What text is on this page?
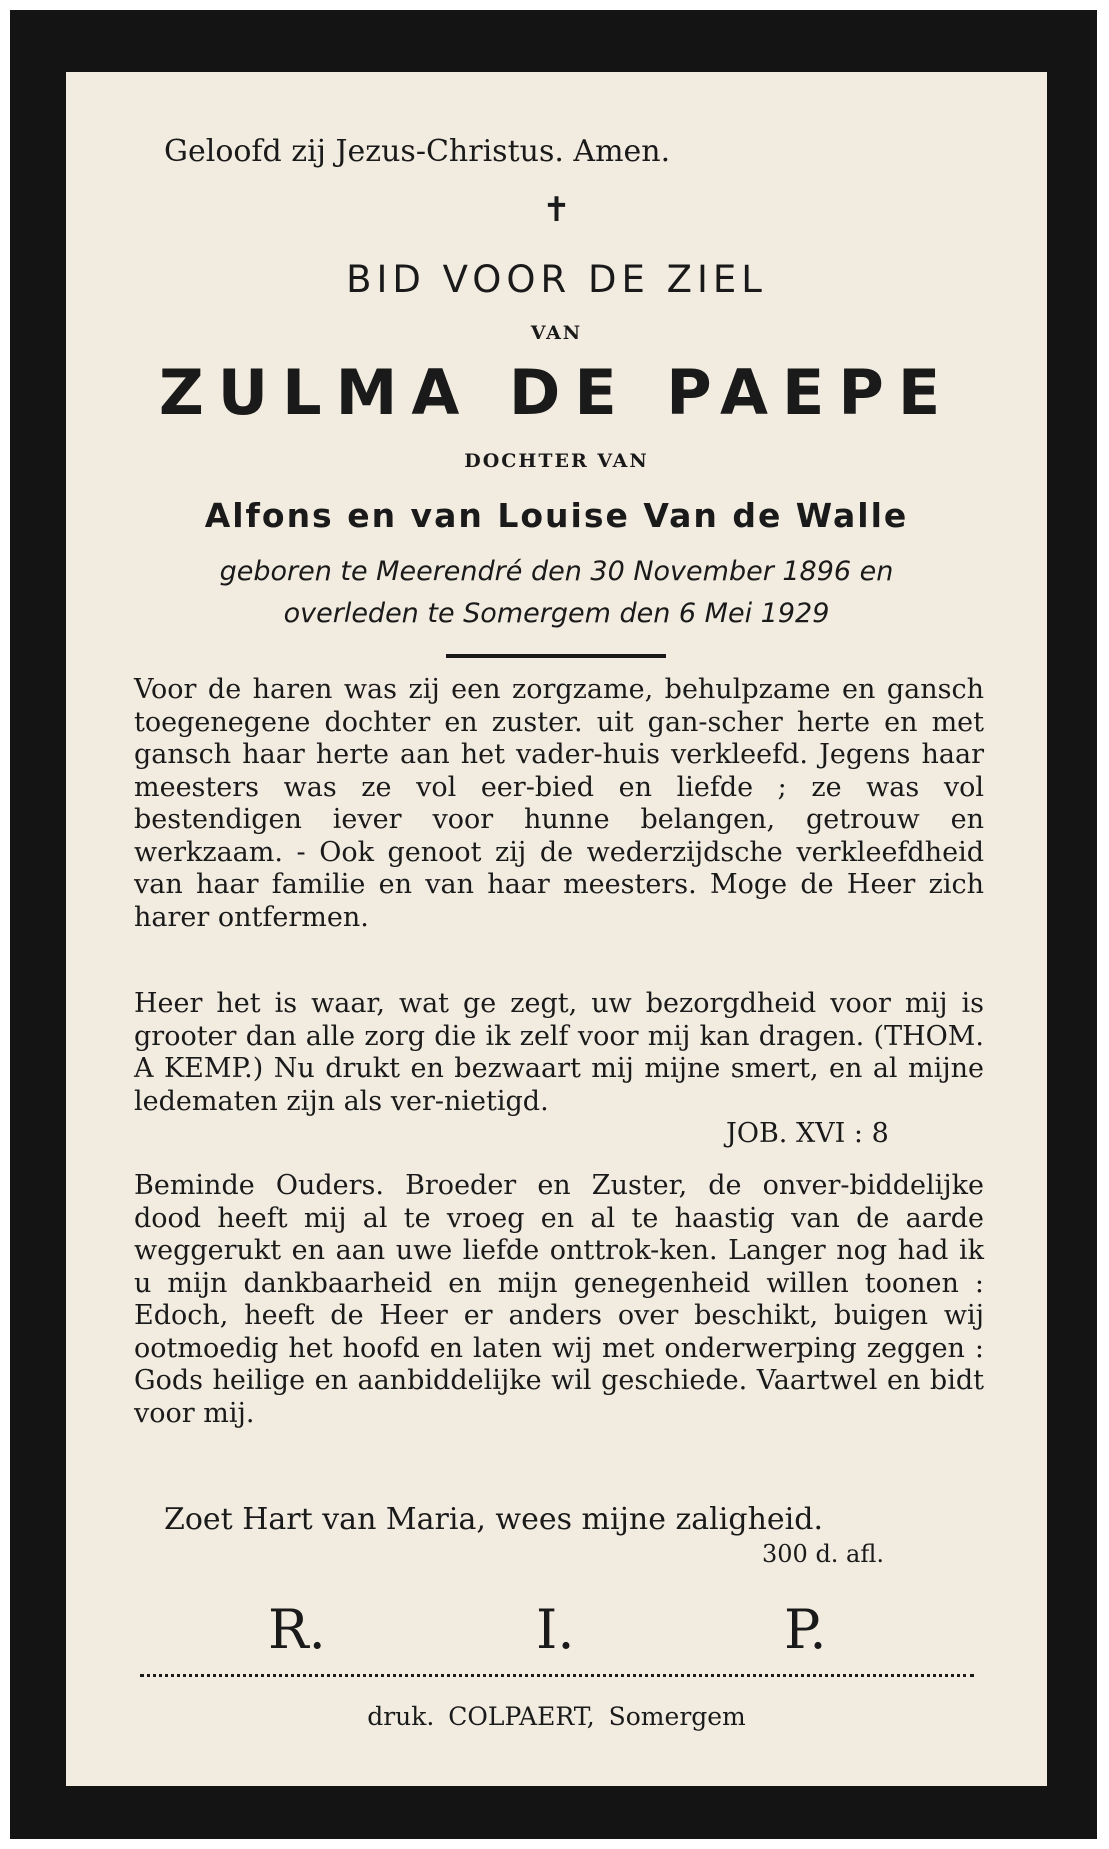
Geloofd zij Jezus-Christus. Amen.
✝
BID VOOR DE ZIEL
VAN
ZULMA DE PAEPE
DOCHTER VAN
Alfons en van Louise Van de Walle
geboren te Meerendré den 30 November 1896 en
overleden te Somergem den 6 Mei 1929
Voor de haren was zij een zorgzame, behulpzame en gansch toegenegene dochter en zuster. uit gan-scher herte en met gansch haar herte aan het vader-huis verkleefd. Jegens haar meesters was ze vol eer-bied en liefde ; ze was vol bestendigen iever voor hunne belangen, getrouw en werkzaam. - Ook genoot zij de wederzijdsche verkleefdheid van haar familie en van haar meesters. Moge de Heer zich harer ontfermen.
Heer het is waar, wat ge zegt, uw bezorgdheid voor mij is grooter dan alle zorg die ik zelf voor mij kan dragen. (THOM. A KEMP.) Nu drukt en bezwaart mij mijne smert, en al mijne ledematen zijn als ver-nietigd.
JOB. XVI : 8
Beminde Ouders. Broeder en Zuster, de onver-biddelijke dood heeft mij al te vroeg en al te haastig van de aarde weggerukt en aan uwe liefde onttrok-ken. Langer nog had ik u mijn dankbaarheid en mijn genegenheid willen toonen : Edoch, heeft de Heer er anders over beschikt, buigen wij ootmoedig het hoofd en laten wij met onderwerping zeggen : Gods heilige en aanbiddelijke wil geschiede. Vaartwel en bidt voor mij.
Zoet Hart van Maria, wees mijne zaligheid.
300 d. afl.
R.	I.	P.
druk. COLPAERT, Somergem
